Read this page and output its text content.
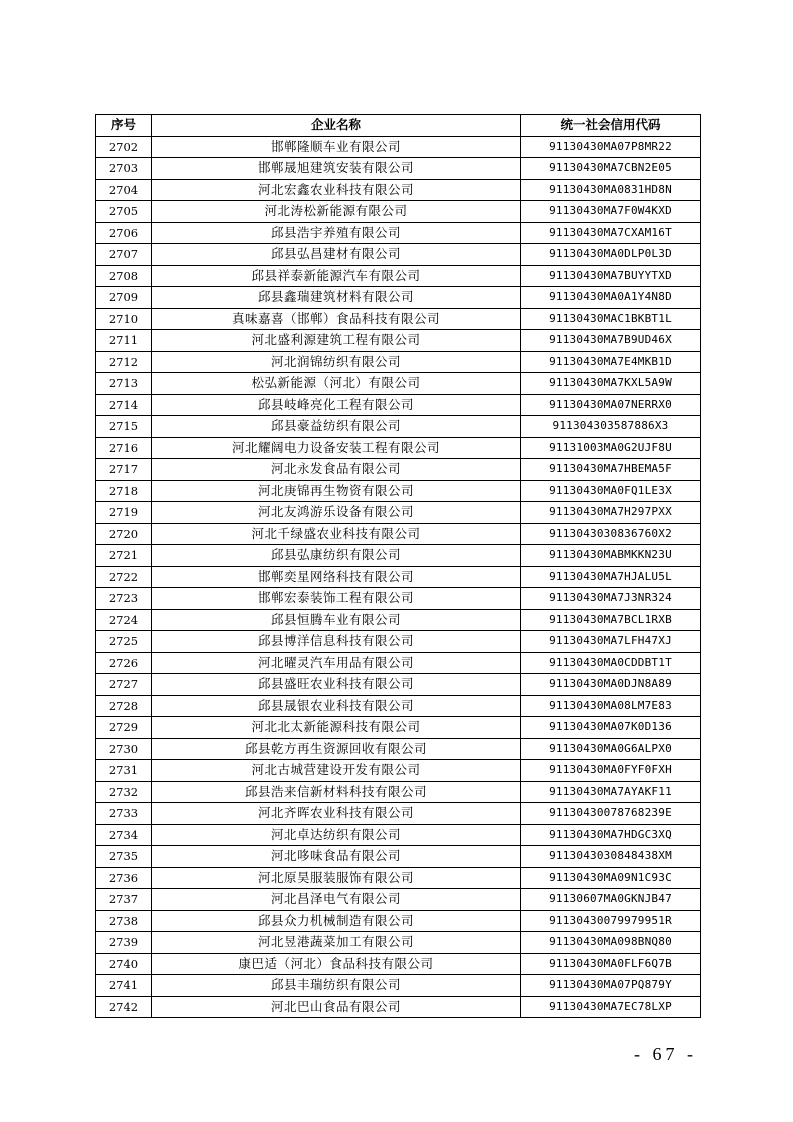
序号	企业名称	统一社会信用代码
2702	邯郸隆顺车业有限公司	91130430MA07P8MR22
2703	邯郸晟旭建筑安装有限公司	91130430MA7CBN2E05
2704	河北宏鑫农业科技有限公司	91130430MA0831HD8N
2705	河北涛松新能源有限公司	91130430MA7F0W4KXD
2706	邱县浩宇养殖有限公司	91130430MA7CXAM16T
2707	邱县弘昌建材有限公司	91130430MA0DLP0L3D
2708	邱县祥泰新能源汽车有限公司	91130430MA7BUYYTXD
2709	邱县鑫瑞建筑材料有限公司	91130430MA0A1Y4N8D
2710	真味嘉喜（邯郸）食品科技有限公司	91130430MAC1BKBT1L
2711	河北盛利源建筑工程有限公司	91130430MA7B9UD46X
2712	河北润锦纺织有限公司	91130430MA7E4MKB1D
2713	松弘新能源（河北）有限公司	91130430MA7KXL5A9W
2714	邱县岐峰亮化工程有限公司	91130430MA07NERRX0
2715	邱县豪益纺织有限公司	911304303587886X3
2716	河北耀阔电力设备安装工程有限公司	91131003MA0G2UJF8U
2717	河北永发食品有限公司	91130430MA7HBEMA5F
2718	河北庚锦再生物资有限公司	91130430MA0FQ1LE3X
2719	河北友鸿游乐设备有限公司	91130430MA7H297PXX
2720	河北千绿盛农业科技有限公司	9113043030836760X2
2721	邱县弘康纺织有限公司	91130430MABMKKN23U
2722	邯郸奕星网络科技有限公司	91130430MA7HJALU5L
2723	邯郸宏泰装饰工程有限公司	91130430MA7J3NR324
2724	邱县恒腾车业有限公司	91130430MA7BCL1RXB
2725	邱县博洋信息科技有限公司	91130430MA7LFH47XJ
2726	河北曜灵汽车用品有限公司	91130430MA0CDDBT1T
2727	邱县盛旺农业科技有限公司	91130430MA0DJN8A89
2728	邱县晟银农业科技有限公司	91130430MA08LM7E83
2729	河北北太新能源科技有限公司	91130430MA07K0D136
2730	邱县乾方再生资源回收有限公司	91130430MA0G6ALPX0
2731	河北古城营建设开发有限公司	91130430MA0FYF0FXH
2732	邱县浩来信新材料科技有限公司	91130430MA7AYAKF11
2733	河北齐晖农业科技有限公司	91130430078768239E
2734	河北卓达纺织有限公司	91130430MA7HDGC3XQ
2735	河北哆味食品有限公司	9113043030848438XM
2736	河北原昊服装服饰有限公司	91130430MA09N1C93C
2737	河北昌泽电气有限公司	91130607MA0GKNJB47
2738	邱县众力机械制造有限公司	91130430079979951R
2739	河北昱港蔬菜加工有限公司	91130430MA098BNQ80
2740	康巴适（河北）食品科技有限公司	91130430MA0FLF6Q7B
2741	邱县丰瑞纺织有限公司	91130430MA07PQ879Y
2742	河北巴山食品有限公司	91130430MA7EC78LXP
- 67 -
